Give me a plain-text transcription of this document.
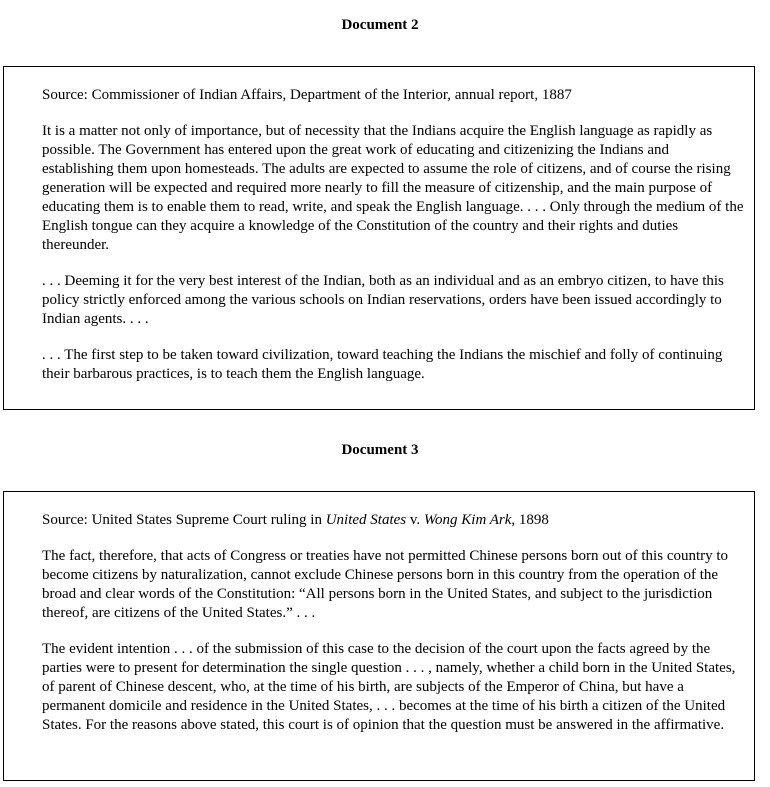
Document 2

Source: Commissioner of Indian Affairs, Department of the Interior, annual report, 1887

It is a matter not only of importance, but of necessity that the Indians acquire the English language as rapidly as possible. The Government has entered upon the great work of educating and citizenizing the Indians and establishing them upon homesteads. The adults are expected to assume the role of citizens, and of course the rising generation will be expected and required more nearly to fill the measure of citizenship, and the main purpose of educating them is to enable them to read, write, and speak the English language. . . . Only through the medium of the English tongue can they acquire a knowledge of the Constitution of the country and their rights and duties thereunder.

. . . Deeming it for the very best interest of the Indian, both as an individual and as an embryo citizen, to have this policy strictly enforced among the various schools on Indian reservations, orders have been issued accordingly to Indian agents. . . .

. . . The first step to be taken toward civilization, toward teaching the Indians the mischief and folly of continuing their barbarous practices, is to teach them the English language.

Document 3

Source: United States Supreme Court ruling in United States v. Wong Kim Ark, 1898

The fact, therefore, that acts of Congress or treaties have not permitted Chinese persons born out of this country to become citizens by naturalization, cannot exclude Chinese persons born in this country from the operation of the broad and clear words of the Constitution: “All persons born in the United States, and subject to the jurisdiction thereof, are citizens of the United States.” . . .

The evident intention . . . of the submission of this case to the decision of the court upon the facts agreed by the parties were to present for determination the single question . . . , namely, whether a child born in the United States, of parent of Chinese descent, who, at the time of his birth, are subjects of the Emperor of China, but have a permanent domicile and residence in the United States, . . . becomes at the time of his birth a citizen of the United States. For the reasons above stated, this court is of opinion that the question must be answered in the affirmative.
